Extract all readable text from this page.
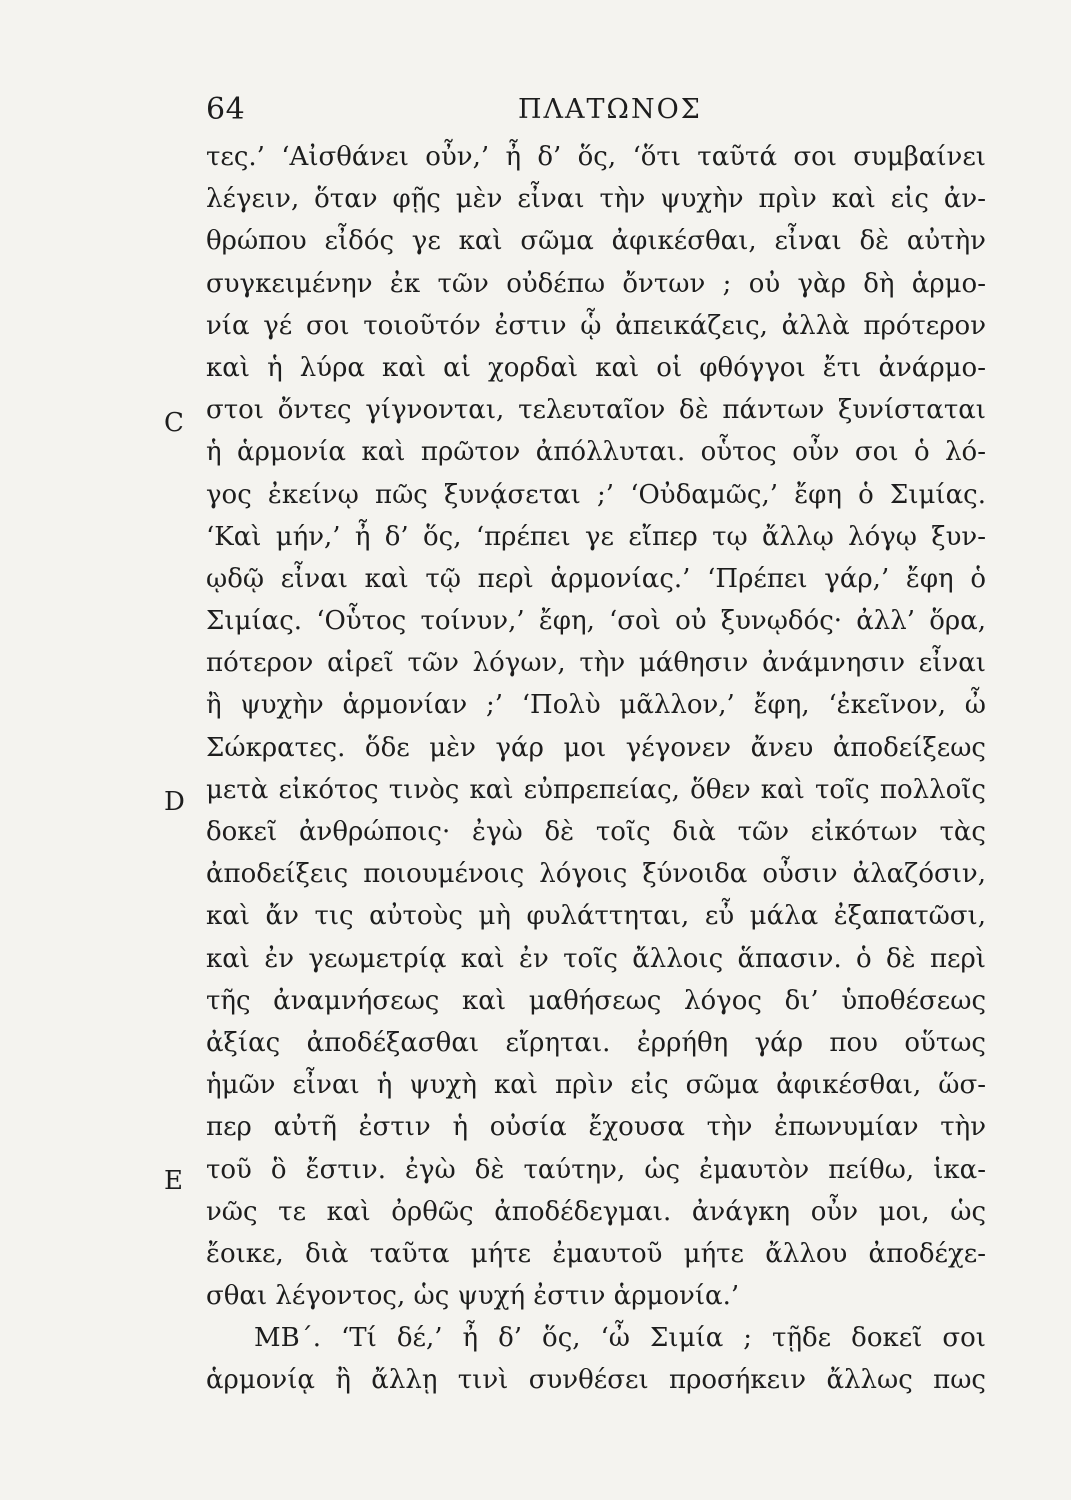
64	ΠΛΑΤΩΝΟΣ
C
D
E
τες.’ ‘Αἰσθάνει οὖν,’ ἦ δ’ ὅς, ‘ὅτι ταῦτά σοι συμβαίνει
λέγειν, ὅταν φῇς μὲν εἶναι τὴν ψυχὴν πρὶν καὶ εἰς ἀν-
θρώπου εἶδός γε καὶ σῶμα ἀφικέσθαι, εἶναι δὲ αὐτὴν
συγκειμένην ἐκ τῶν οὐδέπω ὄντων ; οὐ γὰρ δὴ ἁρμο-
νία γέ σοι τοιοῦτόν ἐστιν ᾧ ἀπεικάζεις, ἀλλὰ πρότερον
καὶ ἡ λύρα καὶ αἱ χορδαὶ καὶ οἱ φθόγγοι ἔτι ἀνάρμο-
στοι ὄντες γίγνονται, τελευταῖον δὲ πάντων ξυνίσταται
ἡ ἁρμονία καὶ πρῶτον ἀπόλλυται. οὗτος οὖν σοι ὁ λό-
γος ἐκείνῳ πῶς ξυνᾴσεται ;’ ‘Οὐδαμῶς,’ ἔφη ὁ Σιμίας.
‘Καὶ μήν,’ ἦ δ’ ὅς, ‘πρέπει γε εἴπερ τῳ ἄλλῳ λόγῳ ξυν-
ῳδῷ εἶναι καὶ τῷ περὶ ἁρμονίας.’ ‘Πρέπει γάρ,’ ἔφη ὁ
Σιμίας. ‘Οὗτος τοίνυν,’ ἔφη, ‘σοὶ οὐ ξυνῳδός· ἀλλ’ ὅρα,
πότερον αἱρεῖ τῶν λόγων, τὴν μάθησιν ἀνάμνησιν εἶναι
ἢ ψυχὴν ἁρμονίαν ;’ ‘Πολὺ μᾶλλον,’ ἔφη, ‘ἐκεῖνον, ὦ
Σώκρατες. ὅδε μὲν γάρ μοι γέγονεν ἄνευ ἀποδείξεως
μετὰ εἰκότος τινὸς καὶ εὐπρεπείας, ὅθεν καὶ τοῖς πολλοῖς
δοκεῖ ἀνθρώποις· ἐγὼ δὲ τοῖς διὰ τῶν εἰκότων τὰς
ἀποδείξεις ποιουμένοις λόγοις ξύνοιδα οὖσιν ἀλαζόσιν,
καὶ ἄν τις αὐτοὺς μὴ φυλάττηται, εὖ μάλα ἐξαπατῶσι,
καὶ ἐν γεωμετρίᾳ καὶ ἐν τοῖς ἄλλοις ἅπασιν. ὁ δὲ περὶ
τῆς ἀναμνήσεως καὶ μαθήσεως λόγος δι’ ὑποθέσεως
ἀξίας ἀποδέξασθαι εἴρηται. ἐρρήθη γάρ που οὕτως
ἡμῶν εἶναι ἡ ψυχὴ καὶ πρὶν εἰς σῶμα ἀφικέσθαι, ὥσ-
περ αὐτῆ ἐστιν ἡ οὐσία ἔχουσα τὴν ἐπωνυμίαν τὴν
τοῦ ὃ ἔστιν. ἐγὼ δὲ ταύτην, ὡς ἐμαυτὸν πείθω, ἱκα-
νῶς τε καὶ ὀρθῶς ἀποδέδεγμαι. ἀνάγκη οὖν μοι, ὡς
ἔοικε, διὰ ταῦτα μήτε ἐμαυτοῦ μήτε ἄλλου ἀποδέχε-
σθαι λέγοντος, ὡς ψυχή ἐστιν ἁρμονία.’
ΜΒ΄. ‘Τί δέ,’ ἦ δ’ ὅς, ‘ὦ Σιμία ; τῇδε δοκεῖ σοι
ἁρμονίᾳ ἢ ἄλλῃ τινὶ συνθέσει προσήκειν ἄλλως πως
